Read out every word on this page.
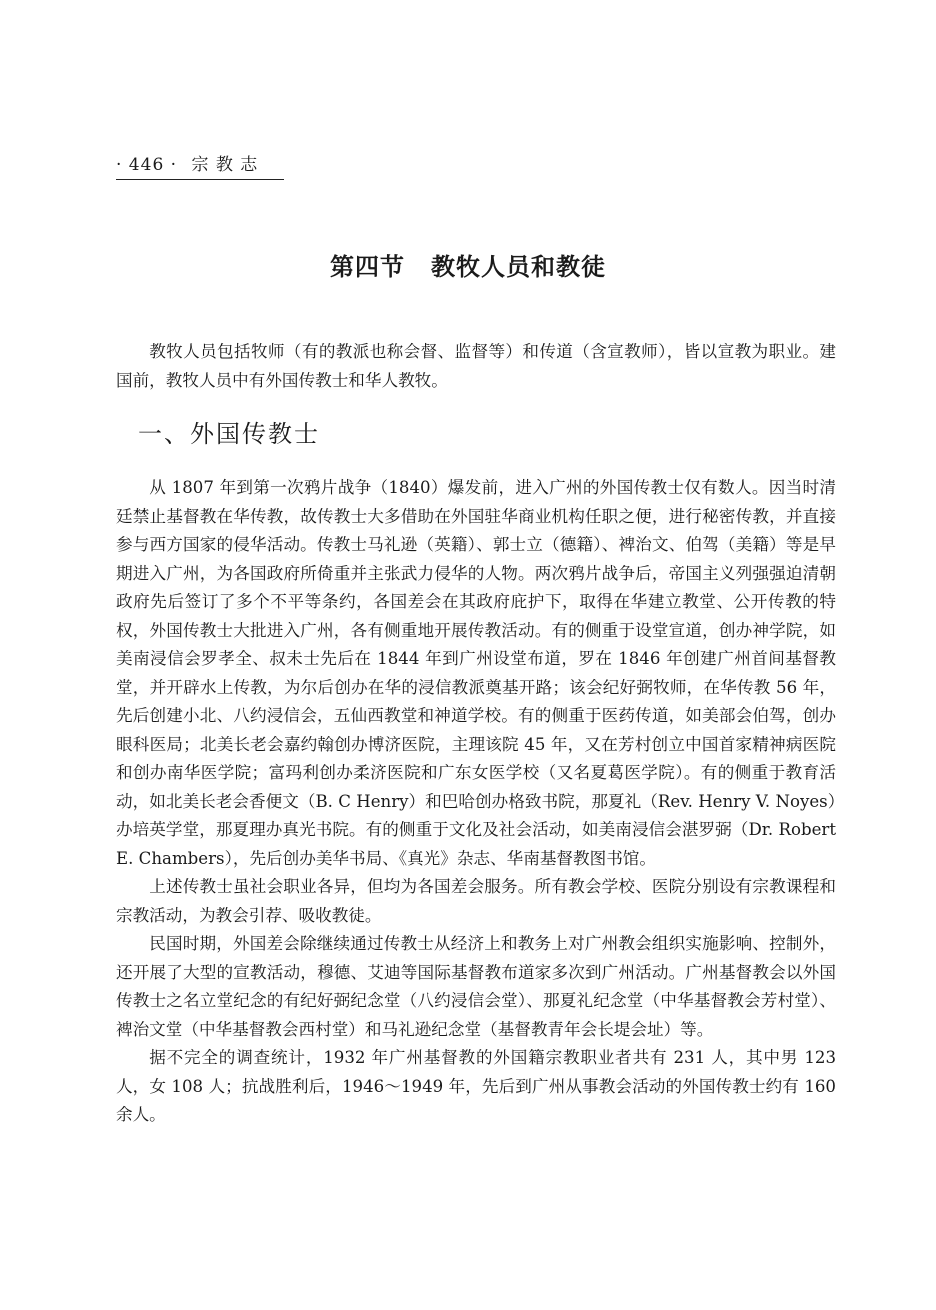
· 446 · 宗 教 志
第四节 教牧人员和教徒

教牧人员包括牧师（有的教派也称会督、监督等）和传道（含宣教师），皆以宣教为职业。建国前，教牧人员中有外国传教士和华人教牧。

一、外国传教士

从 1807 年到第一次鸦片战争（1840）爆发前，进入广州的外国传教士仅有数人。因当时清廷禁止基督教在华传教，故传教士大多借助在外国驻华商业机构任职之便，进行秘密传教，并直接参与西方国家的侵华活动。传教士马礼逊（英籍）、郭士立（德籍）、裨治文、伯驾（美籍）等是早期进入广州，为各国政府所倚重并主张武力侵华的人物。两次鸦片战争后，帝国主义列强强迫清朝政府先后签订了多个不平等条约，各国差会在其政府庇护下，取得在华建立教堂、公开传教的特权，外国传教士大批进入广州，各有侧重地开展传教活动。有的侧重于设堂宣道，创办神学院，如美南浸信会罗孝全、叔未士先后在 1844 年到广州设堂布道，罗在 1846 年创建广州首间基督教堂，并开辟水上传教，为尔后创办在华的浸信教派奠基开路；该会纪好弼牧师，在华传教 56 年，先后创建小北、八约浸信会，五仙西教堂和神道学校。有的侧重于医药传道，如美部会伯驾，创办眼科医局；北美长老会嘉约翰创办博济医院，主理该院 45 年，又在芳村创立中国首家精神病医院和创办南华医学院；富玛利创办柔济医院和广东女医学校（又名夏葛医学院）。有的侧重于教育活动，如北美长老会香便文（B. C Henry）和巴哈创办格致书院，那夏礼（Rev. Henry V. Noyes）办培英学堂，那夏理办真光书院。有的侧重于文化及社会活动，如美南浸信会湛罗弼（Dr. Robert E. Chambers），先后创办美华书局、《真光》杂志、华南基督教图书馆。

上述传教士虽社会职业各异，但均为各国差会服务。所有教会学校、医院分别设有宗教课程和宗教活动，为教会引荐、吸收教徒。

民国时期，外国差会除继续通过传教士从经济上和教务上对广州教会组织实施影响、控制外，还开展了大型的宣教活动，穆德、艾迪等国际基督教布道家多次到广州活动。广州基督教会以外国传教士之名立堂纪念的有纪好弼纪念堂（八约浸信会堂）、那夏礼纪念堂（中华基督教会芳村堂）、裨治文堂（中华基督教会西村堂）和马礼逊纪念堂（基督教青年会长堤会址）等。

据不完全的调查统计，1932 年广州基督教的外国籍宗教职业者共有 231 人，其中男 123 人，女 108 人；抗战胜利后，1946～1949 年，先后到广州从事教会活动的外国传教士约有 160 余人。
